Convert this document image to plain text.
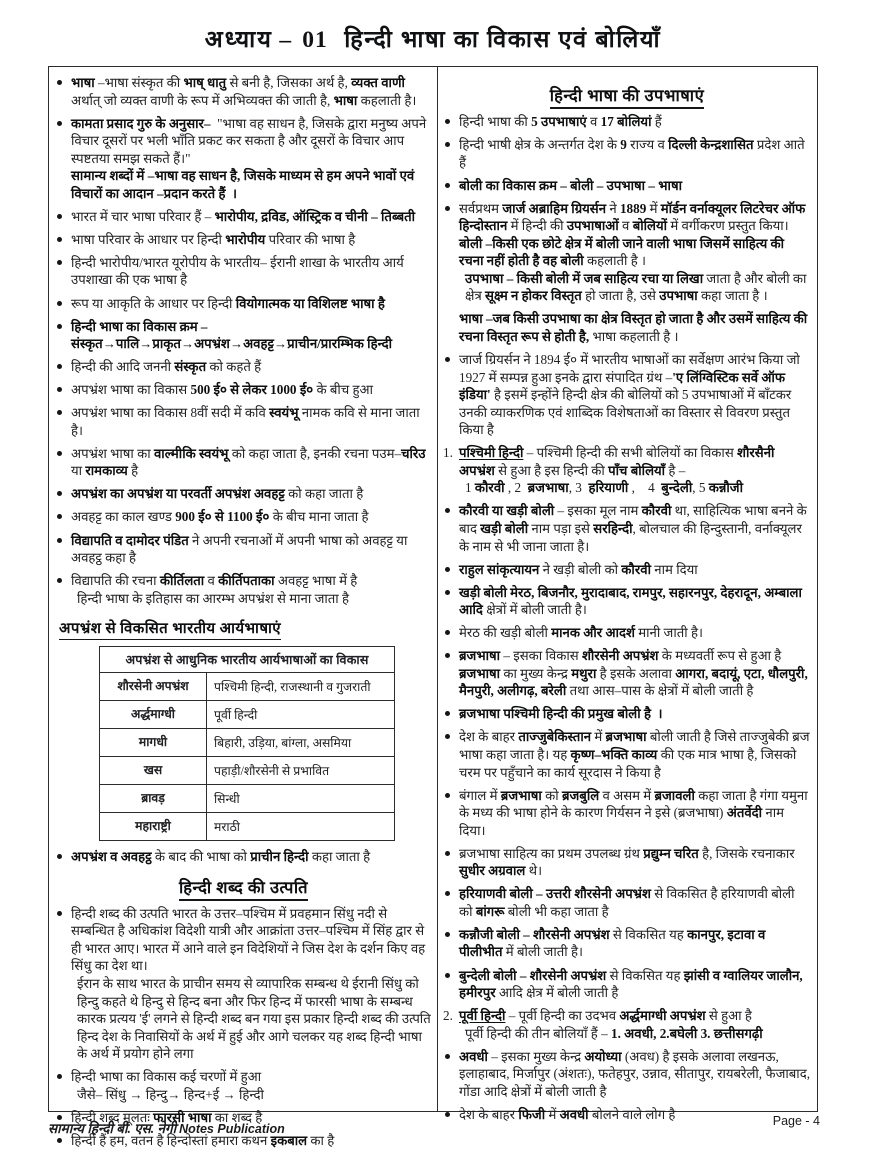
अध्याय – 01 हिन्दी भाषा का विकास एवं बोलियाँ
भाषा –भाषा संस्कृत की भाष् धातु से बनी है, जिसका अर्थ है, व्यक्त वाणी अर्थात् जो व्यक्त वाणी के रूप में अभिव्यक्त की जाती है, भाषा कहलाती है।
कामता प्रसाद गुरु के अनुसार–  "भाषा वह साधन है, जिसके द्वारा मनुष्य अपने विचार दूसरों पर भली भाँति प्रकट कर सकता है और दूसरों के विचार आप स्पष्टतया समझ सकते हैं।"
सामान्य शब्दों में –भाषा वह साधन है, जिसके माध्यम से हम अपने भावों एवं विचारों का आदान –प्रदान करते हैं  ।
भारत में चार भाषा परिवार हैं – भारोपीय, द्रविड, ऑस्ट्रिक व चीनी – तिब्बती
भाषा परिवार के आधार पर हिन्दी भारोपीय परिवार की भाषा है
हिन्दी भारोपीय/भारत यूरोपीय के भारतीय– ईरानी शाखा के भारतीय आर्य उपशाखा की एक भाषा है
रूप या आकृति के आधार पर हिन्दी वियोगात्मक या विशिलष्ट भाषा है
हिन्दी भाषा का विकास क्रम –
संस्कृत→पालि→प्राकृत→अपभ्रंश→अवहट्ट→प्राचीन/प्रारम्भिक हिन्दी
हिन्दी की आदि जननी संस्कृत को कहते हैं
अपभ्रंश भाषा का विकास 500 ई० से लेकर 1000 ई० के बीच हुआ
अपभ्रंश भाषा का विकास 8वीं सदी में कवि स्वयंभू नामक कवि से माना जाता है।
अपभ्रंश भाषा का वाल्मीकि स्वयंभू को कहा जाता है, इनकी रचना पउम–चरिउ या रामकाव्य है
अपभ्रंश का अपभ्रंश या परवर्ती अपभ्रंश अवहट्ट को कहा जाता है
अवहट्ट का काल खण्ड 900 ई० से 1100 ई० के बीच माना जाता है
विद्यापति व दामोदर पंडित ने अपनी रचनाओं में अपनी भाषा को अवहट्ट या अवहट्ठ कहा है
विद्यापति की रचना कीर्तिलता व कीर्तिपताका अवहट्ट भाषा में है
हिन्दी भाषा के इतिहास का आरम्भ अपभ्रंश से माना जाता है
अपभ्रंश से विकसित भारतीय आर्यभाषाएं
अपभ्रंश से आधुनिक भारतीय आर्यभाषाओं का विकास	
शौरसेनी अपभ्रंश	पश्चिमी हिन्दी, राजस्थानी व गुजराती
अर्द्धमाग्धी	पूर्वी हिन्दी
मागधी	बिहारी, उड़िया, बांग्ला, असमिया
खस	पहाड़ी/शौरसेनी से प्रभावित
ब्रावड़	सिन्धी
महाराष्ट्री	मराठी
अपभ्रंश व अवहट्ठ के बाद की भाषा को प्राचीन हिन्दी कहा जाता है
हिन्दी शब्द की उत्पति
हिन्दी शब्द की उत्पति भारत के उत्तर–पश्चिम में प्रवहमान सिंधु नदी से सम्बन्धित है अधिकांश विदेशी यात्री और आक्रांता उत्तर–पश्चिम में सिंह द्वार से ही भारत आए। भारत में आने वाले इन विदेशियों ने जिस देश के दर्शन किए वह सिंधु का देश था।
ईरान के साथ भारत के प्राचीन समय से व्यापारिक सम्बन्ध थे ईरानी सिंधु को हिन्दु कहते थे हिन्दु से हिन्द बना और फिर हिन्द में फारसी भाषा के सम्बन्ध कारक प्रत्यय 'ई' लगने से हिन्दी शब्द बन गया इस प्रकार हिन्दी शब्द की उत्पति हिन्द देश के निवासियों के अर्थ में हुई और आगे चलकर यह शब्द हिन्दी भाषा के अर्थ में प्रयोग होने लगा
हिन्दी भाषा का विकास कई चरणों में हुआ
जैसे– सिंधु → हिन्दु→ हिन्द+ई → हिन्दी
हिन्दी शब्द मूलतः फारसी भाषा का शब्द है
हिन्दी हैं हम, वतन है हिन्दोस्तां हमारा कथन इकबाल का है
हिन्दी भाषा की उपभाषाएं
हिन्दी भाषा की 5 उपभाषाएं व 17 बोलियां हैं
हिन्दी भाषी क्षेत्र के अन्तर्गत देश के 9 राज्य व दिल्ली केन्द्रशासित प्रदेश आते हैं
बोली का विकास क्रम – बोली – उपभाषा – भाषा
सर्वप्रथम जार्ज अब्राहिम ग्रियर्सन ने 1889 में मॉर्डन वर्नाक्यूलर लिटरेचर ऑफ हिन्दोस्तान में हिन्दी की उपभाषाओं व बोलियों में वर्गीकरण प्रस्तुत किया।
बोली –किसी एक छोटे क्षेत्र में बोली जाने वाली भाषा जिसमें साहित्य की रचना नहीं होती है वह बोली कहलाती है ।
उपभाषा – किसी बोली में जब साहित्य रचा या लिखा जाता है और बोली का क्षेत्र सूक्ष्म न होकर विस्तृत हो जाता है, उसे उपभाषा कहा जाता है ।
भाषा –जब किसी उपभाषा का क्षेत्र विस्तृत हो जाता है और उसमें साहित्य की रचना विस्तृत रूप से होती है, भाषा कहलाती है ।
जार्ज ग्रियर्सन ने 1894 ई० में भारतीय भाषाओं का सर्वेक्षण आरंभ किया जो 1927 में सम्पन्न हुआ इनके द्वारा संपादित ग्रंथ –'ए लिंग्विस्टिक सर्वे ऑफ इंडिया' है इसमें इन्होंने हिन्दी क्षेत्र की बोलियों को 5 उपभाषाओं में बाँटकर उनकी व्याकरणिक एवं शाब्दिक विशेषताओं का विस्तार से विवरण प्रस्तुत किया है
1. पश्चिमी हिन्दी – पश्चिमी हिन्दी की सभी बोलियों का विकास शौरसैनी  अपभ्रंश से हुआ है इस हिन्दी की पाँच बोलियाँ है –
1 कौरवी , 2  ब्रजभाषा, 3  हरियाणी ,    4  बुन्देली, 5 कन्नौजी
कौरवी या खड़ी बोली – इसका मूल नाम कौरवी था, साहित्यिक भाषा बनने के बाद खड़ी बोली नाम पड़ा इसे सरहिन्दी, बोलचाल की हिन्दुस्तानी, वर्नाक्यूलर के नाम से भी जाना जाता है।
राहुल सांकृत्यायन ने खड़ी बोली को कौरवी नाम दिया
खड़ी बोली मेरठ, बिजनौर, मुरादाबाद, रामपुर, सहारनपुर, देहरादून, अम्बाला आदि क्षेत्रों में बोली जाती है।
मेरठ की खड़ी बोली मानक और आदर्श मानी जाती है।
ब्रजभाषा – इसका विकास शौरसेनी अपभ्रंश के मध्यवर्ती रूप से हुआ है  ब्रजभाषा का मुख्य केन्द्र मथुरा है इसके अलावा आगरा, बदायूं, एटा, धौलपुरी, मैनपुरी, अलीगढ़, बरेली तथा आस–पास के क्षेत्रों में बोली जाती है
ब्रजभाषा पश्चिमी हिन्दी की प्रमुख बोली है  ।
देश के बाहर ताज्जुबेकिस्तान में ब्रजभाषा बोली जाती है जिसे ताज्जुबेकी ब्रज भाषा कहा जाता है। यह कृष्ण–भक्ति काव्य की एक मात्र भाषा है, जिसको चरम पर पहुँचाने का कार्य सूरदास ने किया है
बंगाल में ब्रजभाषा को ब्रजबुलि व असम में ब्रजावली कहा जाता है गंगा यमुना के मध्य की भाषा होने के कारण गिर्यसन ने इसे (ब्रजभाषा) अंतर्वेदी नाम दिया।
ब्रजभाषा साहित्य का प्रथम उपलब्ध ग्रंथ प्रद्युम्न चरित है, जिसके रचनाकार सुधीर अग्रवाल थे।
हरियाणवी बोली – उत्तरी शौरसेनी अपभ्रंश से विकसित है हरियाणवी बोली को बांगरू बोली भी कहा जाता है
कन्नौजी बोली – शौरसेनी अपभ्रंश से विकसित यह कानपुर, इटावा व पीलीभीत में बोली जाती है।
बुन्देली बोली – शौरसेनी अपभ्रंश से विकसित यह झांसी व ग्वालियर जालौन, हमीरपुर आदि क्षेत्र में बोली जाती है
2. पूर्वी हिन्दी – पूर्वी हिन्दी का उदभव अर्द्धमाग्धी अपभ्रंश से हुआ है
पूर्वी हिन्दी की तीन बोलियाँ हैं – 1. अवधी, 2.बघेली 3. छत्तीसगढ़ी
अवधी – इसका मुख्य केन्द्र अयोध्या (अवध) है इसके अलावा लखनऊ, इलाहाबाद, मिर्जापुर (अंशतः), फतेहपुर, उन्नाव, सीतापुर, रायबरेली, फैजाबाद, गोंडा आदि क्षेत्रों में बोली जाती है
देश के बाहर फिजी में अवधी बोलने वाले लोग है
सामान्य हिन्दी बी. एस. नेगी Notes Publication
Page - 4
